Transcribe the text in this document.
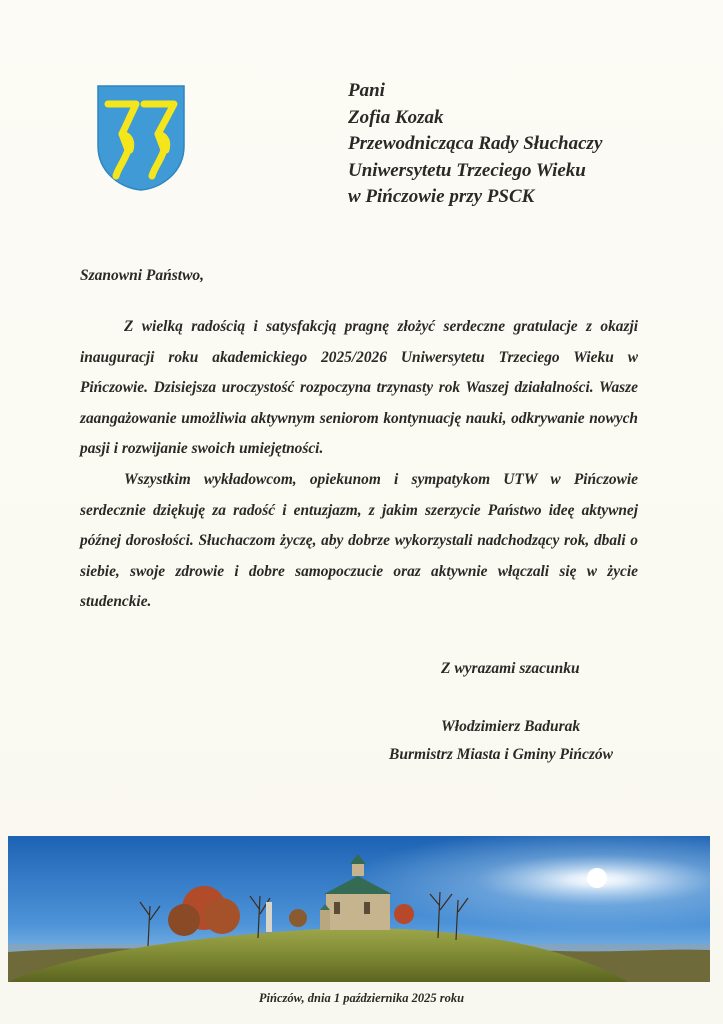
Pani
Zofia Kozak
Przewodnicząca Rady Słuchaczy
Uniwersytetu Trzeciego Wieku
w Pińczowie przy PSCK
Szanowni Państwo,

Z wielką radością i satysfakcją pragnę złożyć serdeczne gratulacje z okazji inauguracji roku akademickiego 2025/2026 Uniwersytetu Trzeciego Wieku w Pińczowie. Dzisiejsza uroczystość rozpoczyna trzynasty rok Waszej działalności. Wasze zaangażowanie umożliwia aktywnym seniorom kontynuację nauki, odkrywanie nowych pasji i rozwijanie swoich umiejętności.

Wszystkim wykładowcom, opiekunom i sympatykom UTW w Pińczowie serdecznie dziękuję za radość i entuzjazm, z jakim szerzycie Państwo ideę aktywnej późnej dorosłości. Słuchaczom życzę, aby dobrze wykorzystali nadchodzący rok, dbali o siebie, swoje zdrowie i dobre samopoczucie oraz aktywnie włączali się w życie studenckie.

Z wyrazami szacunku
Włodzimierz Badurak
Burmistrz Miasta i Gminy Pińczów
Pińczów, dnia 1 października 2025 roku
